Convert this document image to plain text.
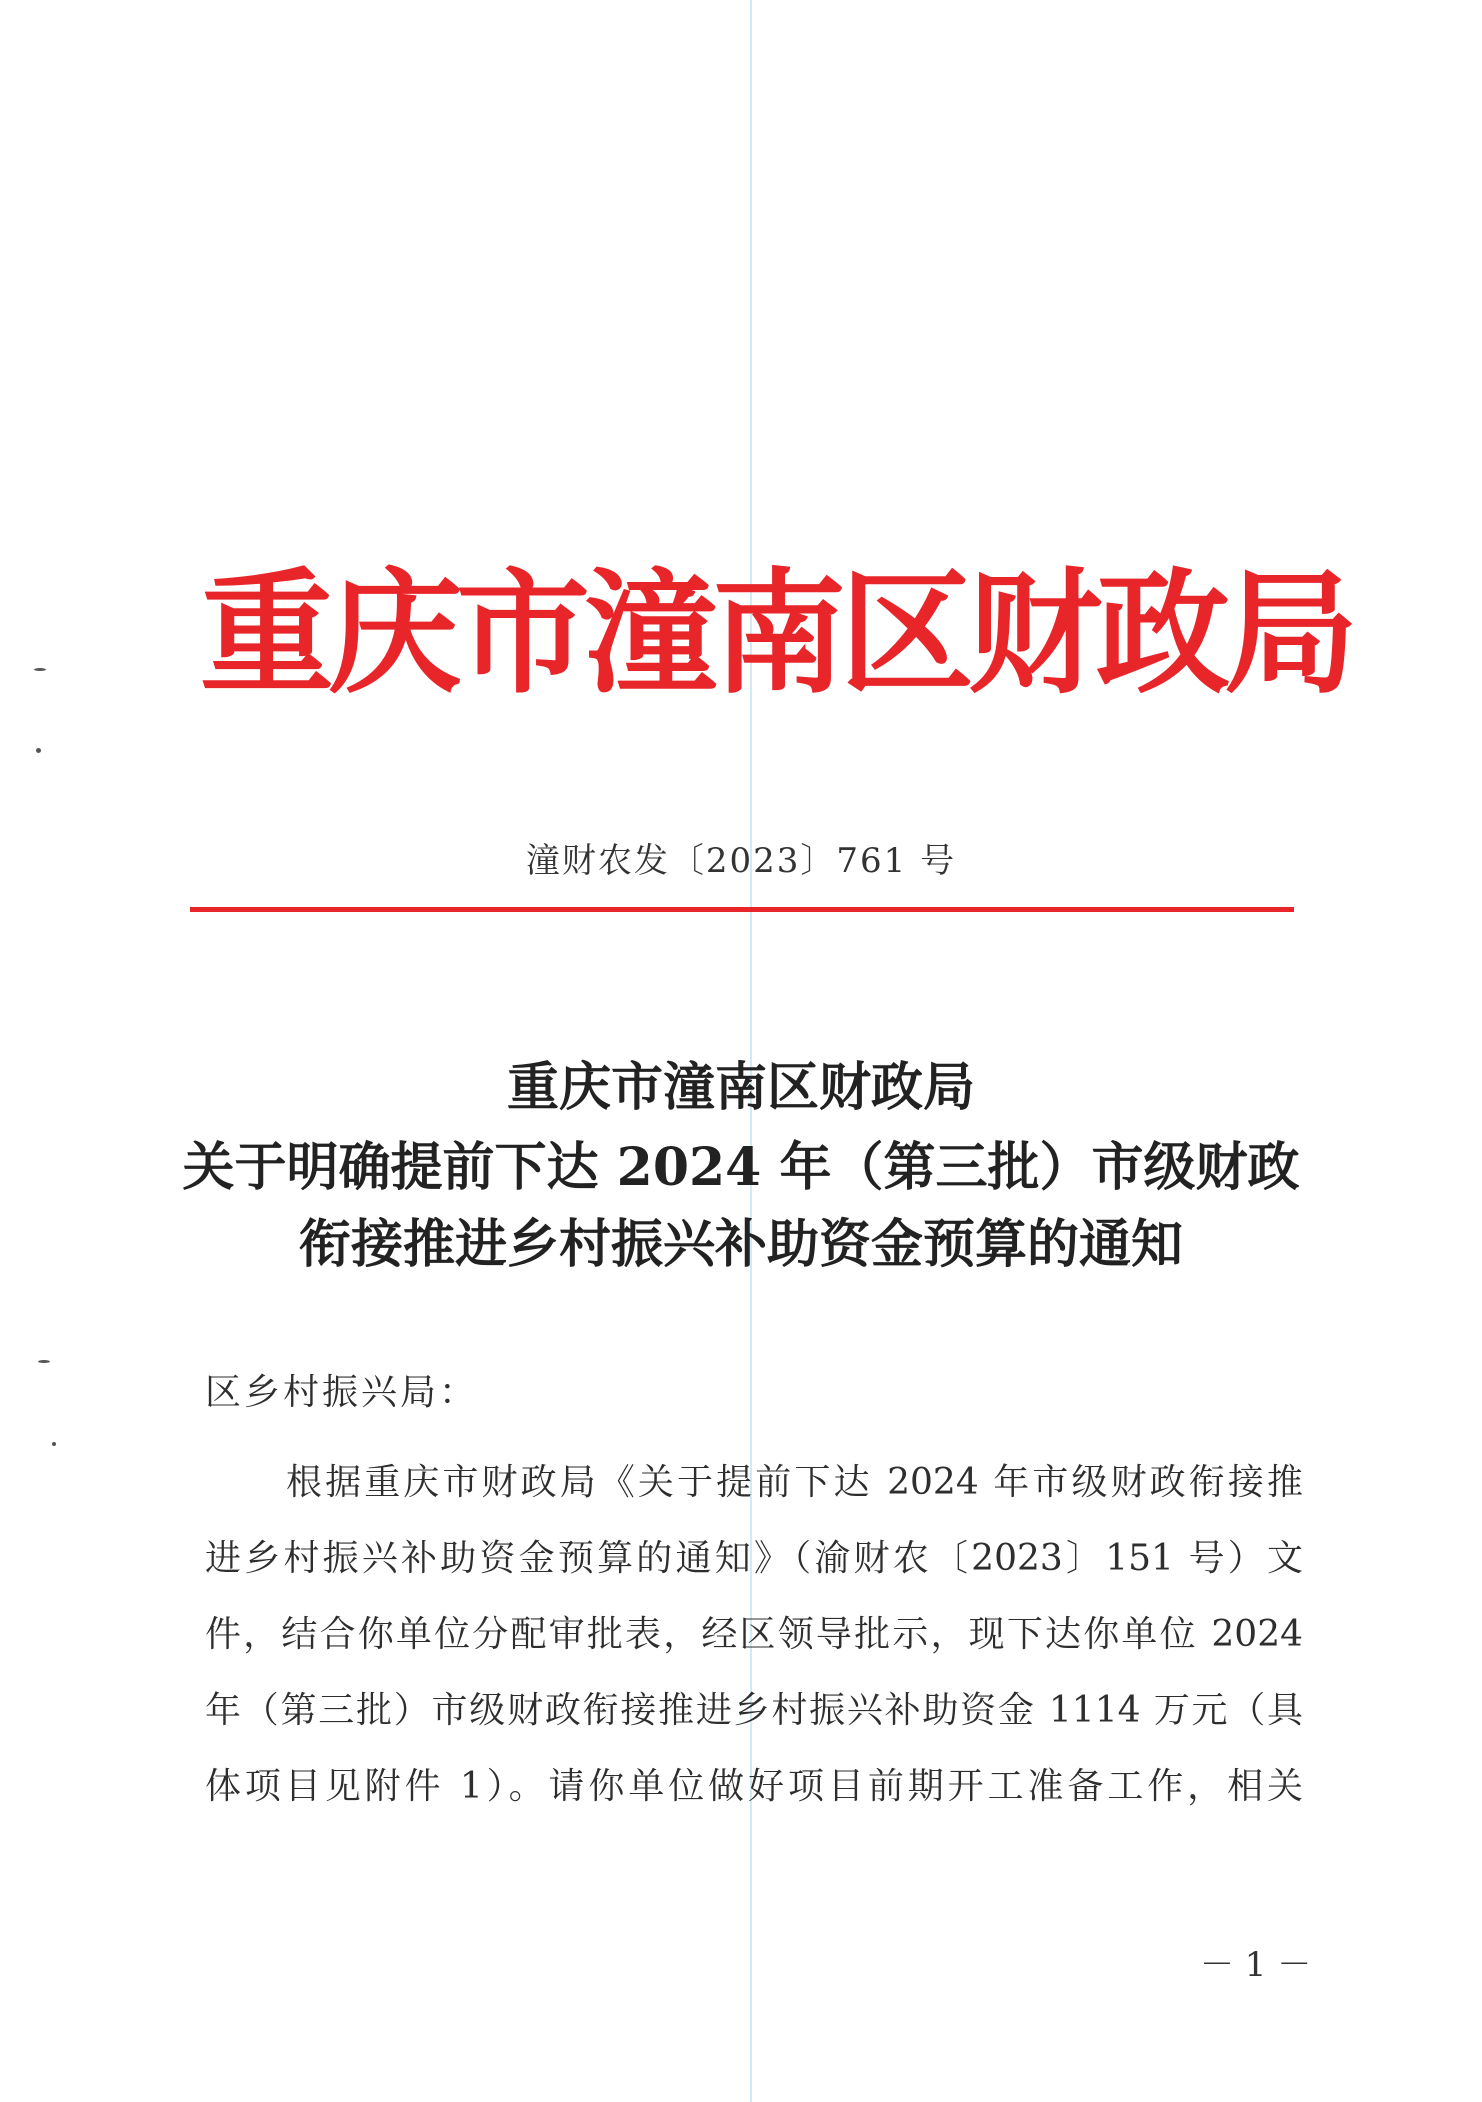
重庆市潼南区财政局
潼财农发〔2023〕761 号
重庆市潼南区财政局
关于明确提前下达 2024 年（第三批）市级财政
衔接推进乡村振兴补助资金预算的通知
区乡村振兴局：
根据重庆市财政局《关于提前下达 2024 年市级财政衔接推
进乡村振兴补助资金预算的通知》（渝财农〔2023〕151 号）文
件，结合你单位分配审批表，经区领导批示，现下达你单位 2024
年（第三批）市级财政衔接推进乡村振兴补助资金 1114 万元（具
体项目见附件 1）。请你单位做好项目前期开工准备工作，相关
－ 1 －
